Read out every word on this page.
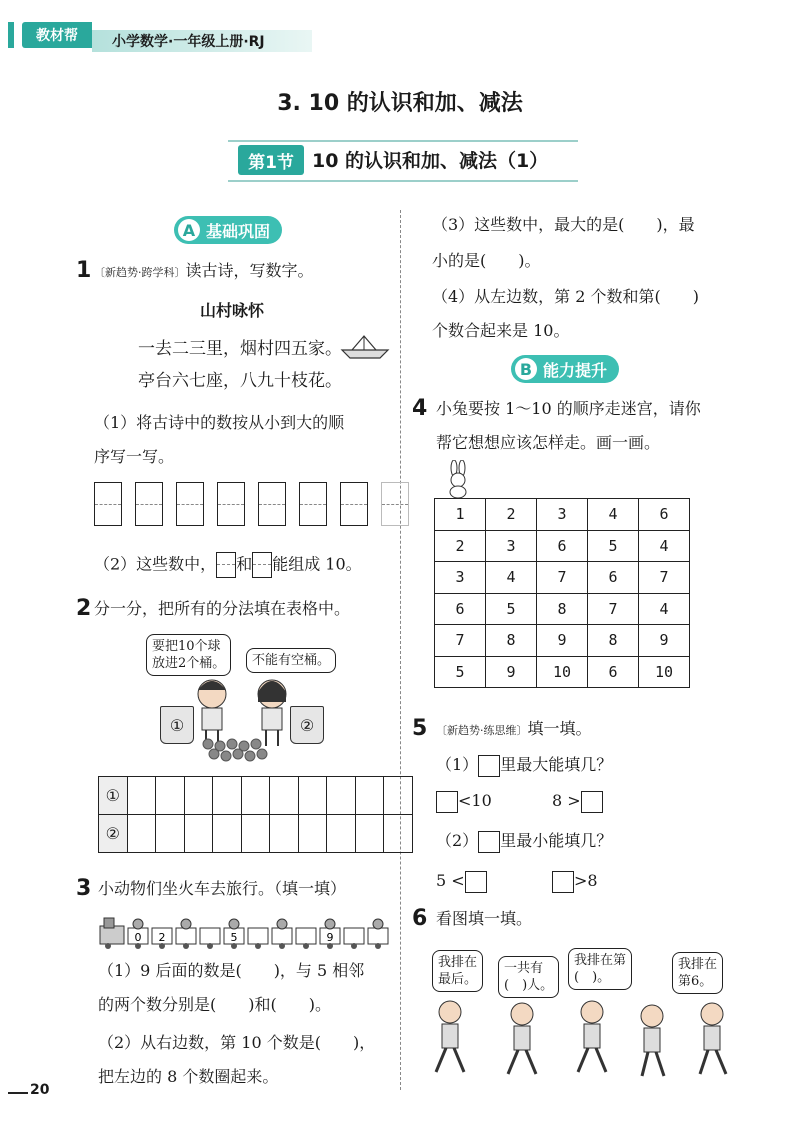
教材帮	小学数学·一年级上册·RJ
3. 10 的认识和加、减法
第1节 10 的认识和加、减法（1）
A 基础巩固
1 〔新趋势·跨学科〕读古诗，写数字。
山村咏怀
一去二三里，烟村四五家。
亭台六七座，八九十枝花。
（1）将古诗中的数按从小到大的顺
序写一写。
（2）这些数中， 和 能组成 10。
2 分一分，把所有的分法填在表格中。
要把10个球
放进2个桶。	不能有空桶。
①	②
①										
②										
3 小动物们坐火车去旅行。（填一填）
0 2	5	9
（1）9 后面的数是(　　)，与 5 相邻
的两个数分别是(　　)和(　　)。
（2）从右边数，第 10 个数是(　　)，
把左边的 8 个数圈起来。
20
（3）这些数中，最大的是(　　)，最
小的是(　　)。
（4）从左边数，第 2 个数和第(　　)
个数合起来是 10。
B 能力提升
4 小兔要按 1～10 的顺序走迷宫，请你
帮它想想应该怎样走。画一画。
1	2	3	4	6
2	3	6	5	4
3	4	7	6	7
6	5	8	7	4
7	8	9	8	9
5	9	10	6	10
5 〔新趋势·练思维〕填一填。
（1） 里最大能填几？
<10	8 >
（2） 里最小能填几？
5 <	>8
6 看图填一填。
我排在
最后。
一共有
(　)人。
我排在第
(　)。
我排在
第6。
